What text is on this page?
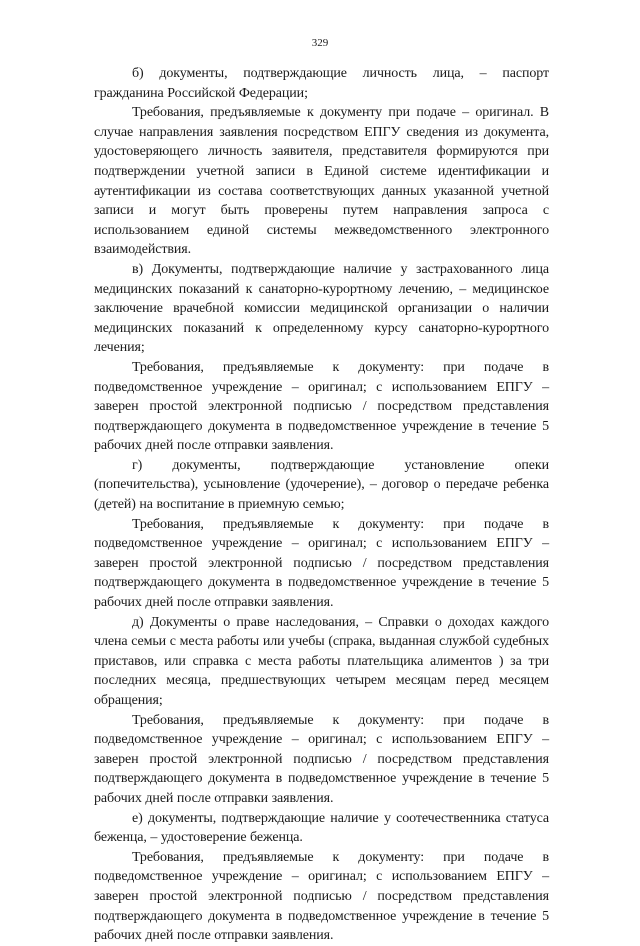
329

б) документы, подтверждающие личность лица, – паспорт гражданина Российской Федерации;

Требования, предъявляемые к документу при подаче – оригинал. В случае направления заявления посредством ЕПГУ сведения из документа, удостоверяющего личность заявителя, представителя формируются при подтверждении учетной записи в Единой системе идентификации и аутентификации из состава соответствующих данных указанной учетной записи и могут быть проверены путем направления запроса с использованием единой системы межведомственного электронного взаимодействия.

в) Документы, подтверждающие наличие у застрахованного лица медицинских показаний к санаторно-курортному лечению, – медицинское заключение врачебной комиссии медицинской организации о наличии медицинских показаний к определенному курсу санаторно-курортного лечения;

Требования, предъявляемые к документу: при подаче в подведомственное учреждение – оригинал; с использованием ЕПГУ – заверен простой электронной подписью / посредством представления подтверждающего документа в подведомственное учреждение в течение 5 рабочих дней после отправки заявления.

г) документы, подтверждающие установление опеки (попечительства), усыновление (удочерение), – договор о передаче ребенка (детей) на воспитание в приемную семью;

Требования, предъявляемые к документу: при подаче в подведомственное учреждение – оригинал; с использованием ЕПГУ – заверен простой электронной подписью / посредством представления подтверждающего документа в подведомственное учреждение в течение 5 рабочих дней после отправки заявления.

д) Документы о праве наследования, – Справки о доходах каждого члена семьи с места работы или учебы (спрака, выданная службой судебных приставов, или справка с места работы плательщика алиментов ) за три последних месяца, предшествующих четырем месяцам перед месяцем обращения;

Требования, предъявляемые к документу: при подаче в подведомственное учреждение – оригинал; с использованием ЕПГУ – заверен простой электронной подписью / посредством представления подтверждающего документа в подведомственное учреждение в течение 5 рабочих дней после отправки заявления.

е) документы, подтверждающие наличие у соотечественника статуса беженца, – удостоверение беженца.

Требования, предъявляемые к документу: при подаче в подведомственное учреждение – оригинал; с использованием ЕПГУ – заверен простой электронной подписью / посредством представления подтверждающего документа в подведомственное учреждение в течение 5 рабочих дней после отправки заявления.
